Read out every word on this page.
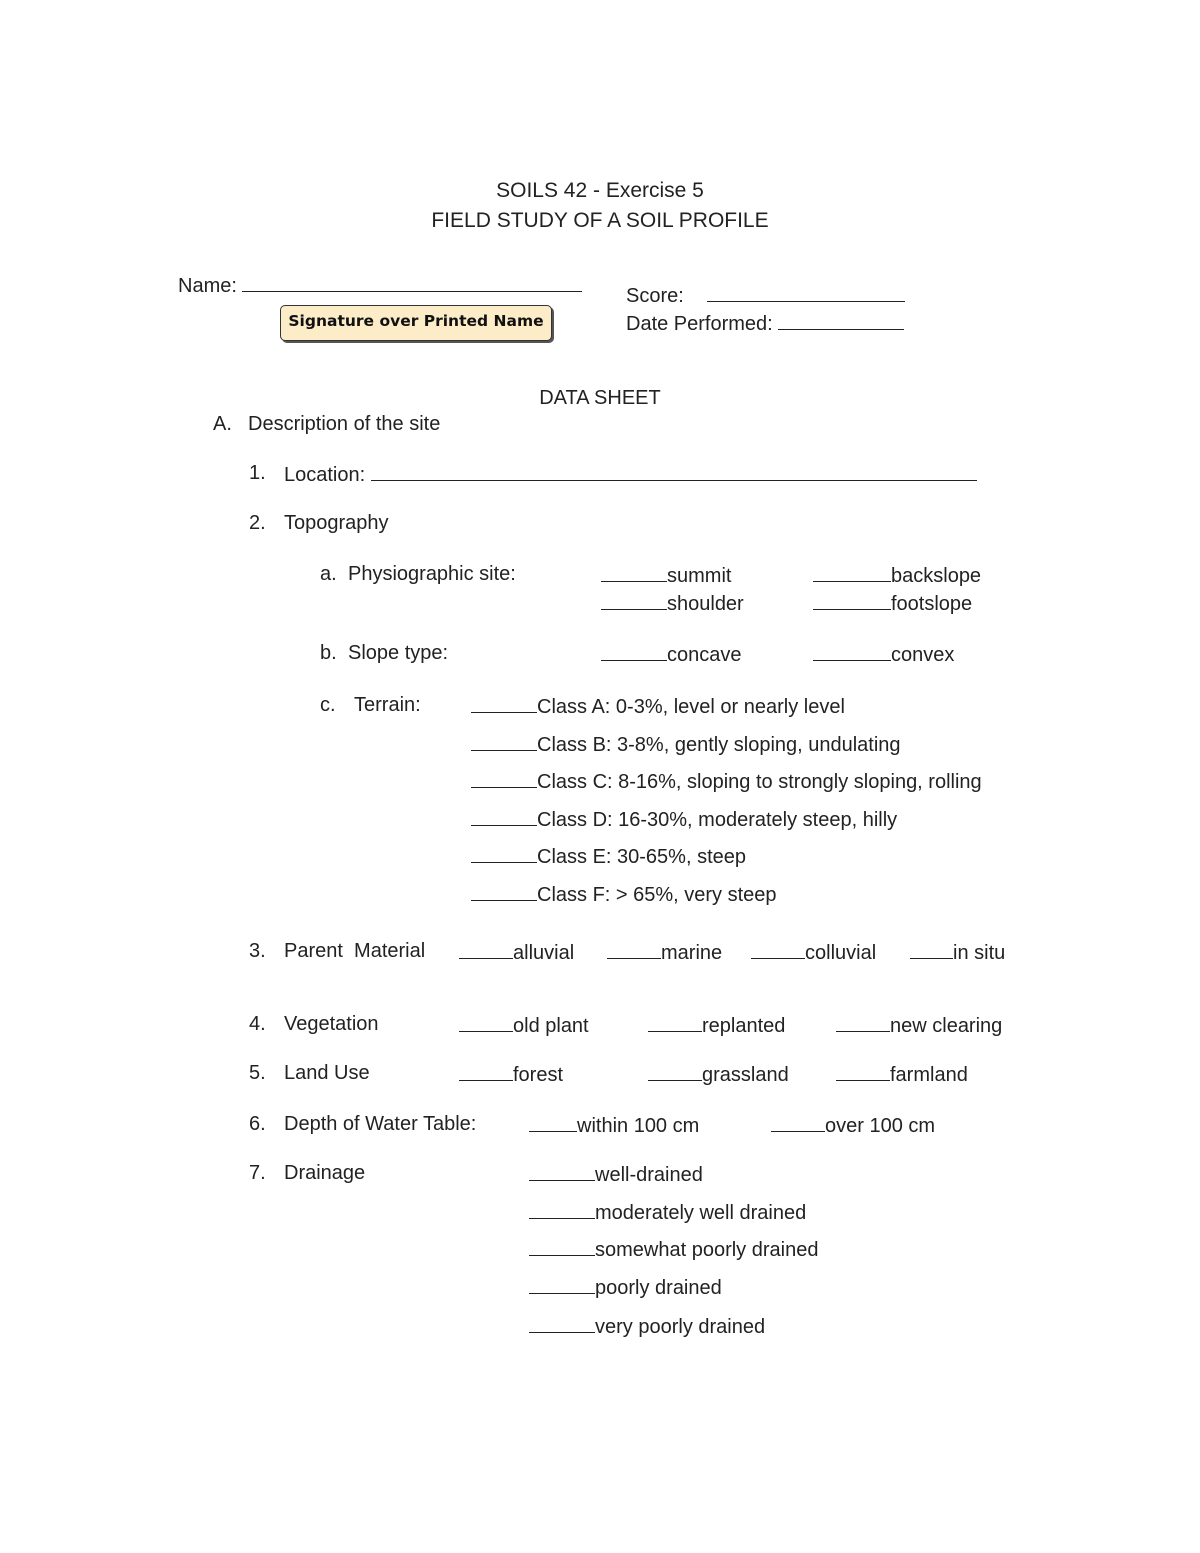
SOILS 42 - Exercise 5
FIELD STUDY OF A SOIL PROFILE
Name:
Signature over Printed Name
Score:
Date Performed:
DATA SHEET
A. Description of the site
1. Location:
2. Topography
a. Physiographic site:	summit	backslope
shoulder	footslope
b. Slope type:	concave	convex
c. Terrain:	Class A: 0-3%, level or nearly level
Class B: 3-8%, gently sloping, undulating
Class C: 8-16%, sloping to strongly sloping, rolling
Class D: 16-30%, moderately steep, hilly
Class E: 30-65%, steep
Class F: > 65%, very steep
3. Parent  Material	alluvial	marine	colluvial	in situ
4. Vegetation	old plant	replanted	new clearing
5. Land Use	forest	grassland	farmland
6. Depth of Water Table:	within 100 cm	over 100 cm
7. Drainage	well-drained
moderately well drained
somewhat poorly drained
poorly drained
very poorly drained
